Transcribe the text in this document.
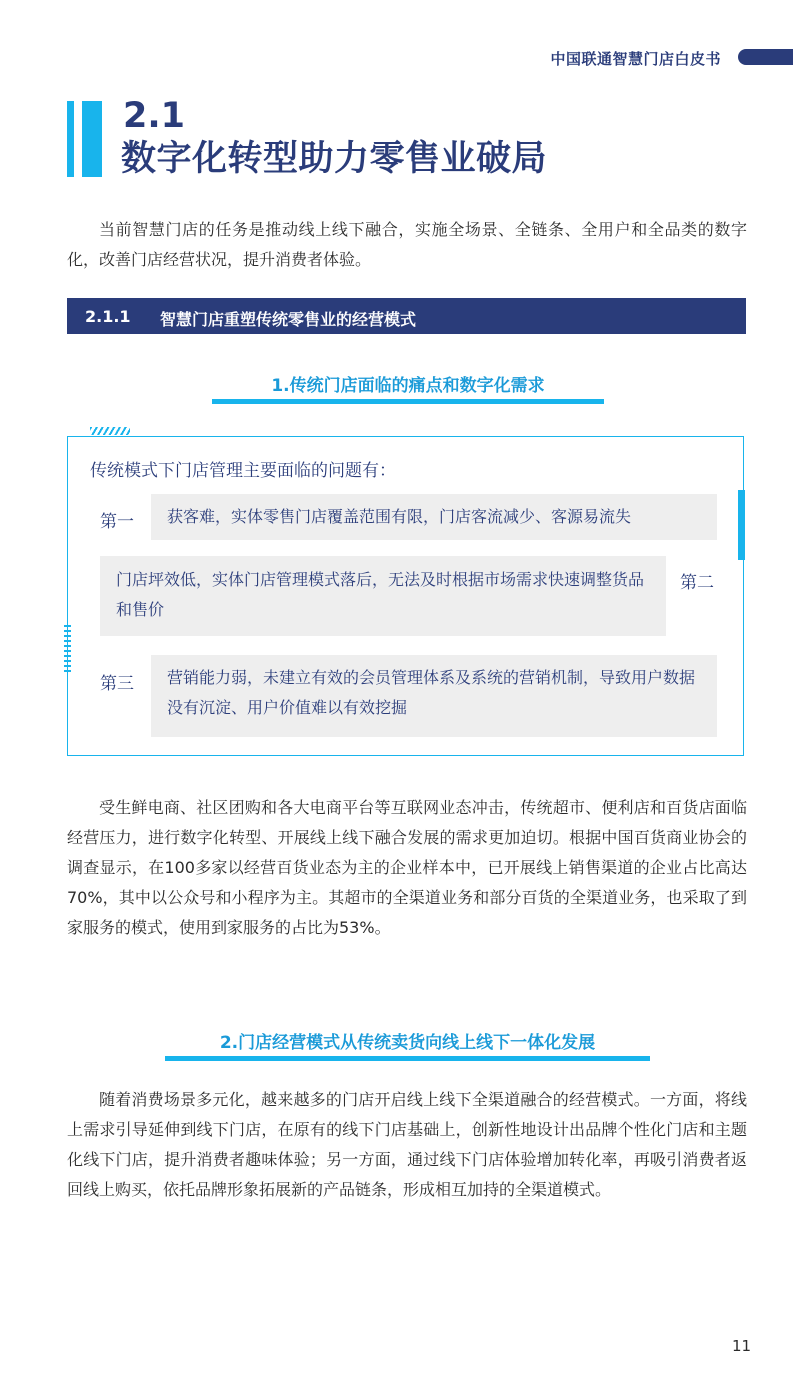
中国联通智慧门店白皮书
2.1
数字化转型助力零售业破局

当前智慧门店的任务是推动线上线下融合，实施全场景、全链条、全用户和全品类的数字化，改善门店经营状况，提升消费者体验。

2.1.1 智慧门店重塑传统零售业的经营模式
1.传统门店面临的痛点和数字化需求
传统模式下门店管理主要面临的问题有：
第一	获客难，实体零售门店覆盖范围有限，门店客流减少、客源易流失
门店坪效低，实体门店管理模式落后，无法及时根据市场需求快速调整货品和售价
第二
第三	营销能力弱，未建立有效的会员管理体系及系统的营销机制，导致用户数据没有沉淀、用户价值难以有效挖掘

受生鲜电商、社区团购和各大电商平台等互联网业态冲击，传统超市、便利店和百货店面临经营压力，进行数字化转型、开展线上线下融合发展的需求更加迫切。根据中国百货商业协会的调查显示，在100多家以经营百货业态为主的企业样本中，已开展线上销售渠道的企业占比高达70%，其中以公众号和小程序为主。其超市的全渠道业务和部分百货的全渠道业务，也采取了到家服务的模式，使用到家服务的占比为53%。

2.门店经营模式从传统卖货向线上线下一体化发展

随着消费场景多元化，越来越多的门店开启线上线下全渠道融合的经营模式。一方面，将线上需求引导延伸到线下门店，在原有的线下门店基础上，创新性地设计出品牌个性化门店和主题化线下门店，提升消费者趣味体验；另一方面，通过线下门店体验增加转化率，再吸引消费者返回线上购买，依托品牌形象拓展新的产品链条，形成相互加持的全渠道模式。

11
